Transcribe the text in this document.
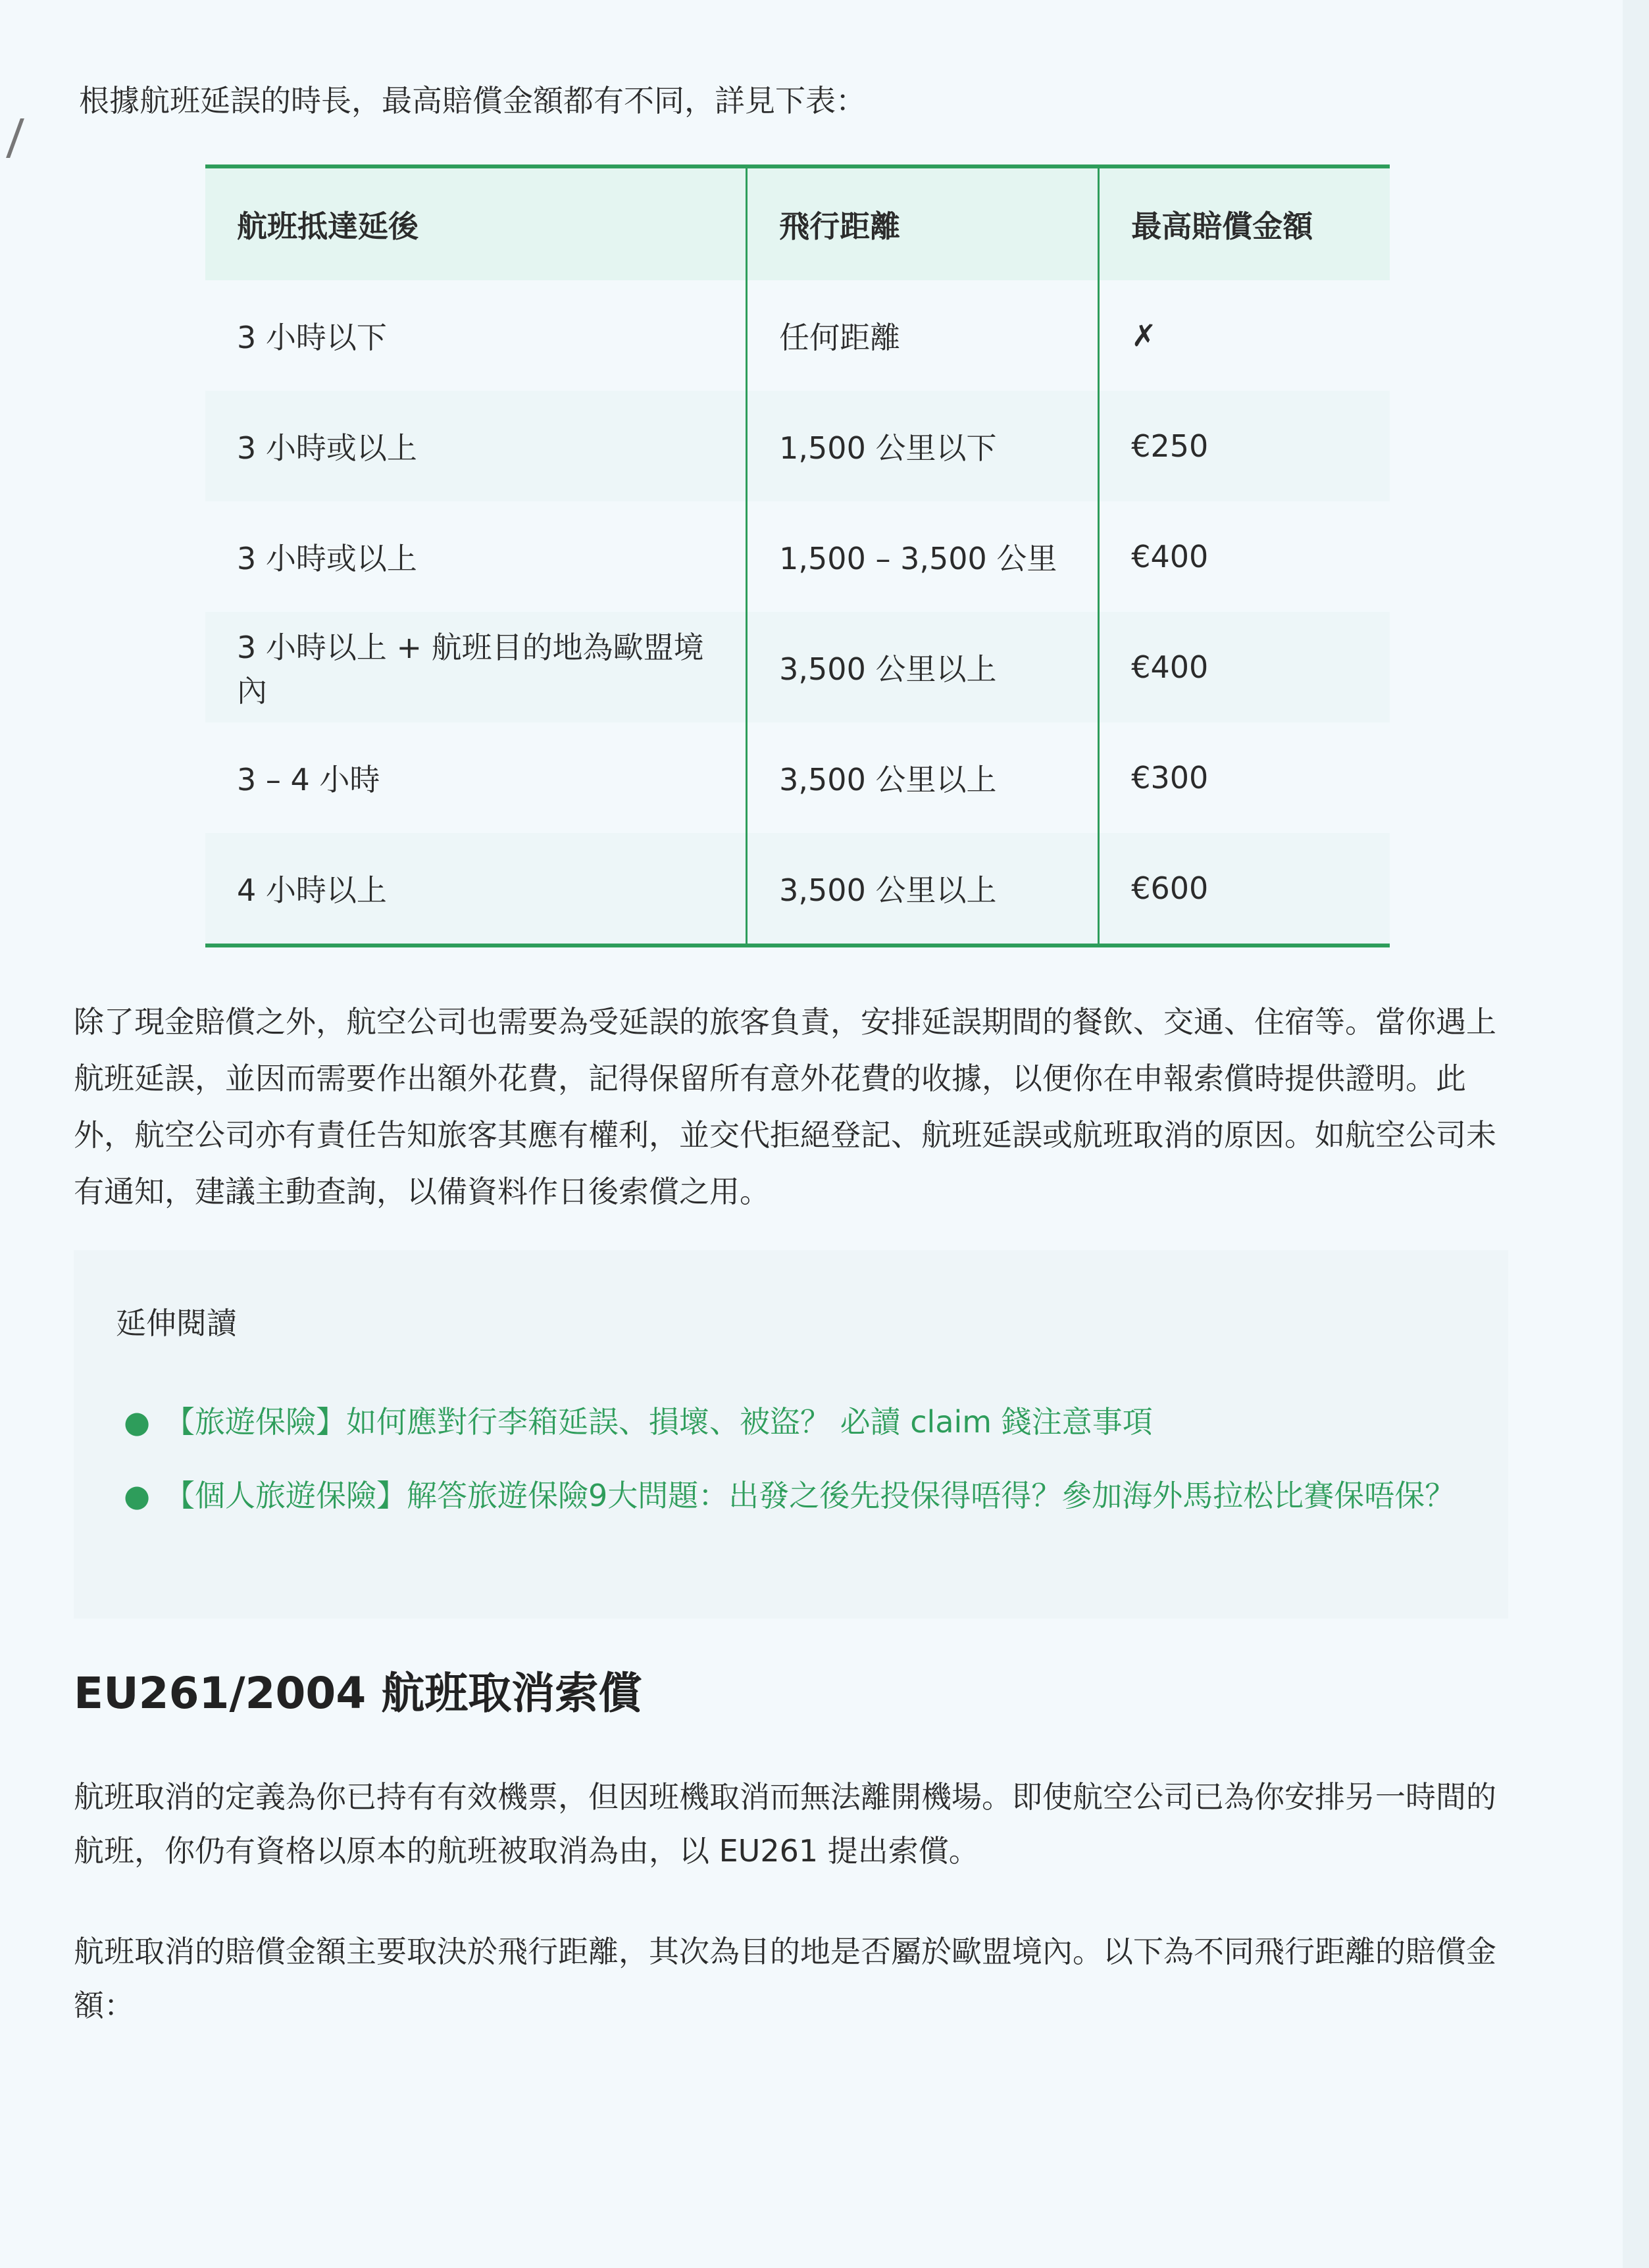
根據航班延誤的時長，最高賠償金額都有不同，詳見下表：
航班抵達延後	飛行距離	最高賠償金額
3 小時以下	任何距離	✗
3 小時或以上	1,500 公里以下	€250
3 小時或以上	1,500 – 3,500 公里	€400
3 小時以上 + 航班目的地為歐盟境內	3,500 公里以上	€400
3 – 4 小時	3,500 公里以上	€300
4 小時以上	3,500 公里以上	€600
除了現金賠償之外，航空公司也需要為受延誤的旅客負責，安排延誤期間的餐飲、交通、住宿等。當你遇上航班延誤，並因而需要作出額外花費，記得保留所有意外花費的收據，以便你在申報索償時提供證明。此外，航空公司亦有責任告知旅客其應有權利，並交代拒絕登記、航班延誤或航班取消的原因。如航空公司未有通知，建議主動查詢，以備資料作日後索償之用。
延伸閱讀
● 【旅遊保險】如何應對行李箱延誤、損壞、被盜？ 必讀 claim 錢注意事項
● 【個人旅遊保險】解答旅遊保險9大問題：出發之後先投保得唔得？參加海外馬拉松比賽保唔保？
EU261/2004 航班取消索償
航班取消的定義為你已持有有效機票，但因班機取消而無法離開機場。即使航空公司已為你安排另一時間的航班，你仍有資格以原本的航班被取消為由，以 EU261 提出索償。
航班取消的賠償金額主要取決於飛行距離，其次為目的地是否屬於歐盟境內。以下為不同飛行距離的賠償金額：
